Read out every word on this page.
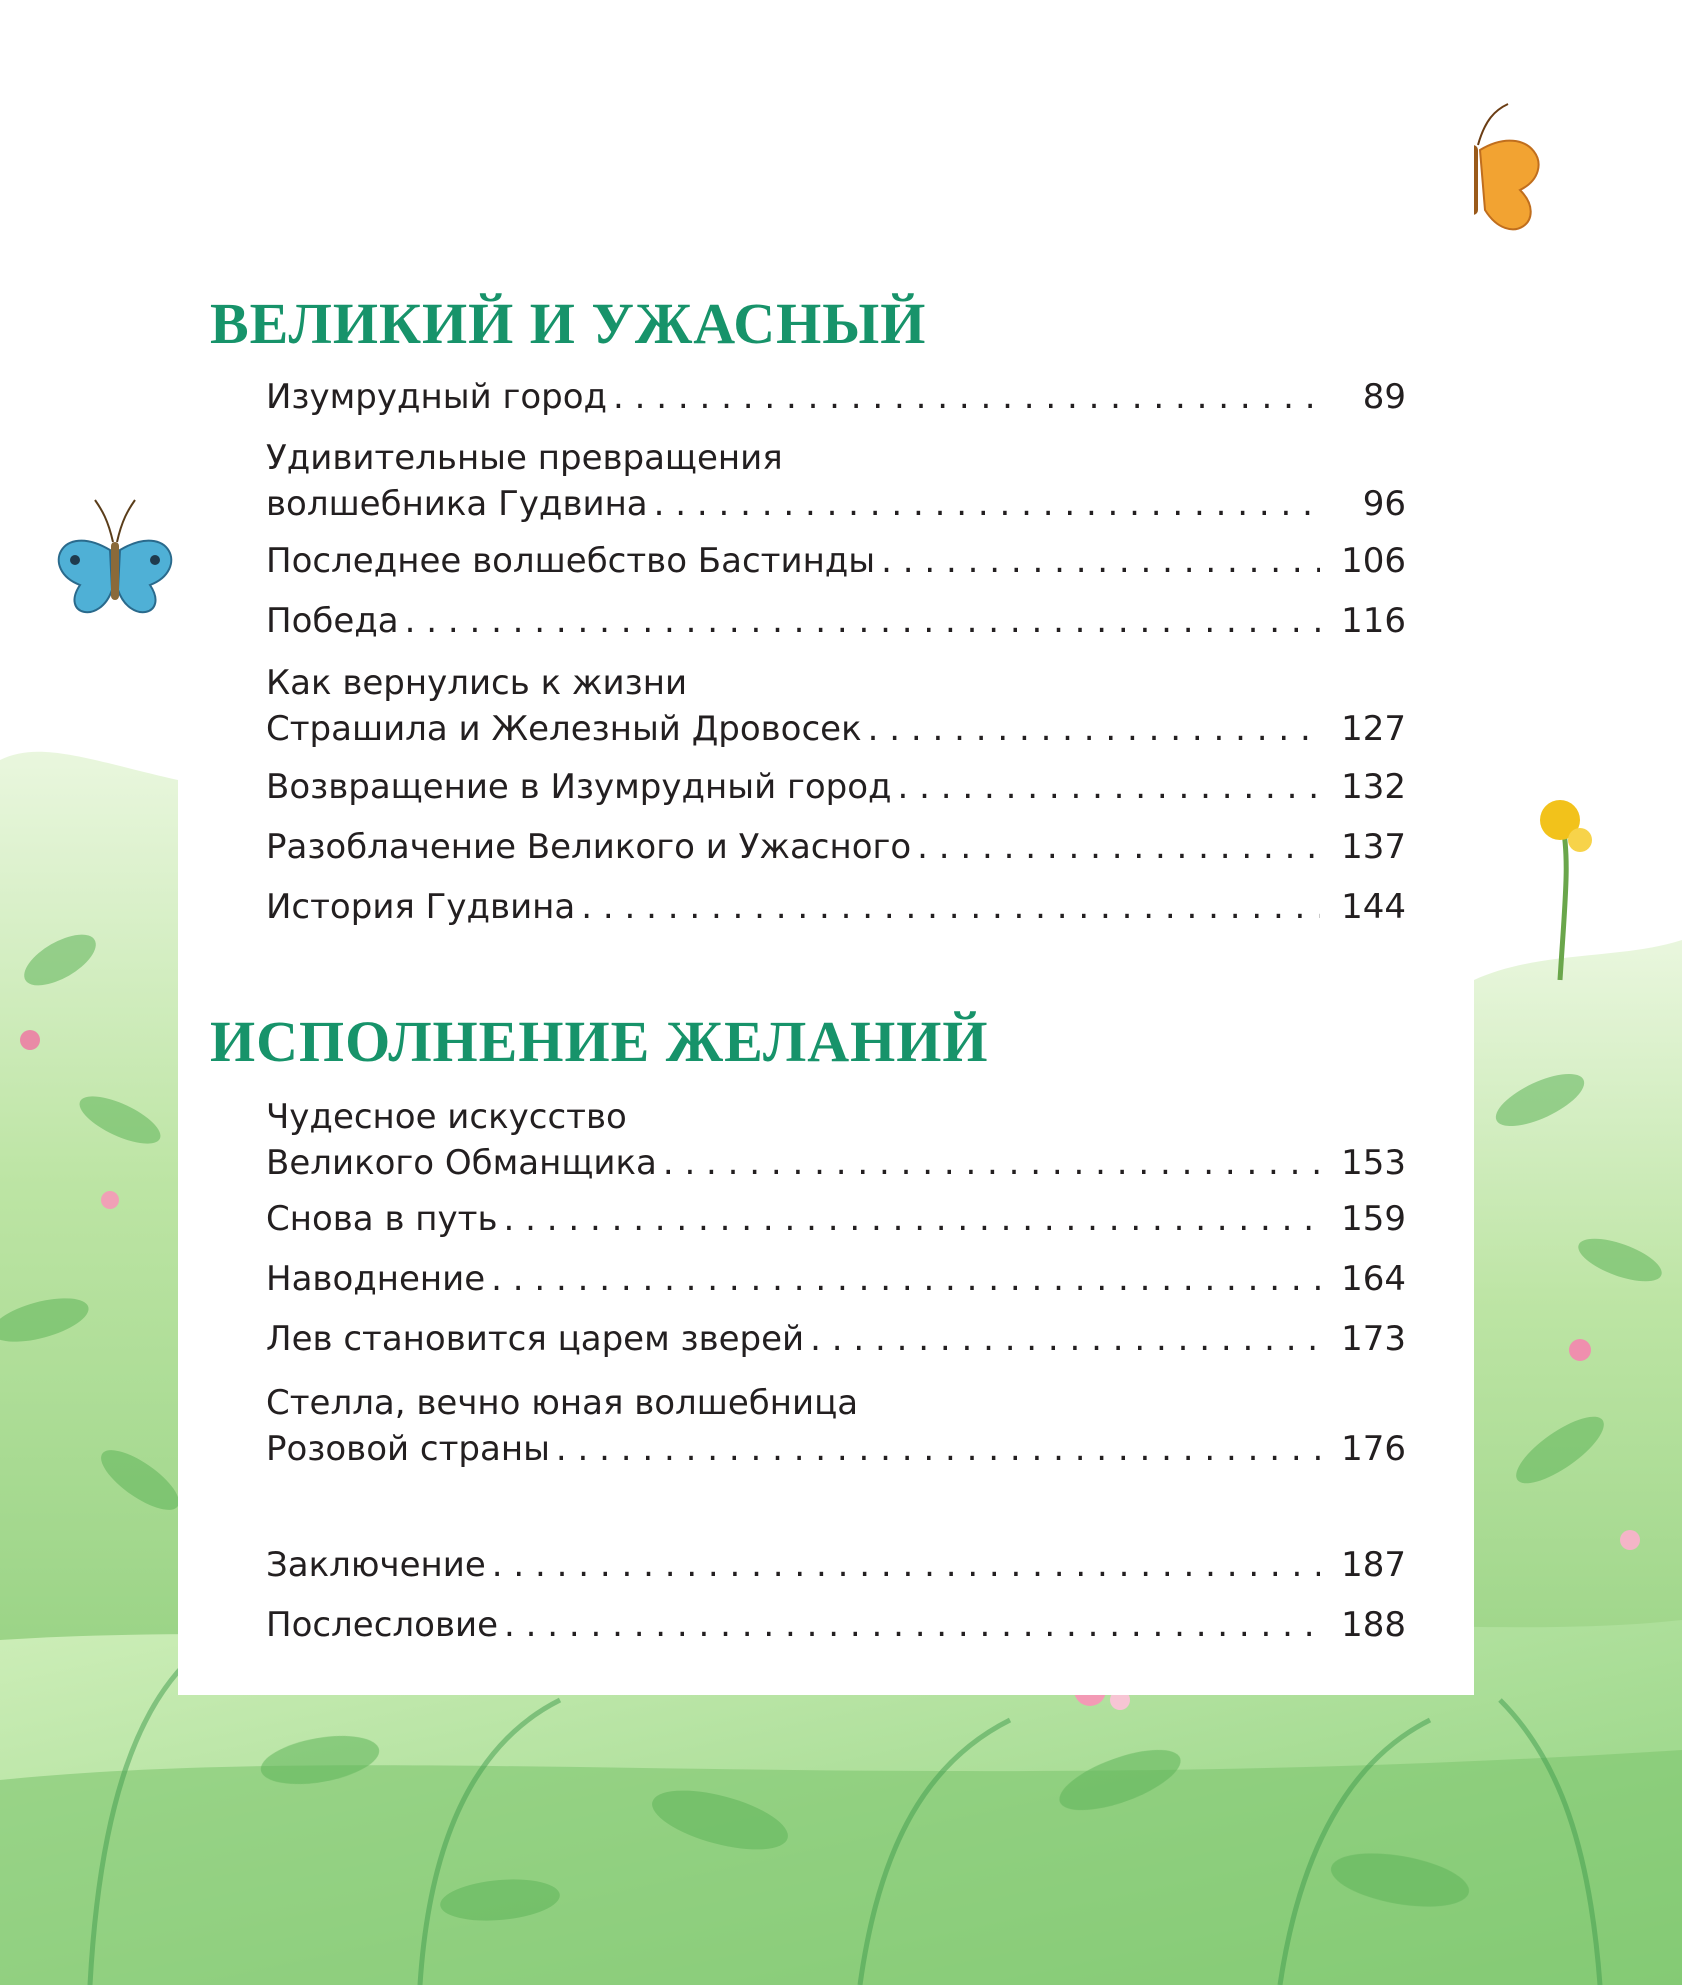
ВЕЛИКИЙ И УЖАСНЫЙ
Изумрудный город . . .	89
Удивительные превращения
волшебника Гудвина . . .	96
Последнее волшебство Бастинды . . .	106
Победа . . .	116
Как вернулись к жизни
Страшила и Железный Дровосек . . .	127
Возвращение в Изумрудный город . . .	132
Разоблачение Великого и Ужасного . . .	137
История Гудвина . . .	144
ИСПОЛНЕНИЕ ЖЕЛАНИЙ
Чудесное искусство
Великого Обманщика . . .	153
Снова в путь . . .	159
Наводнение . . .	164
Лев становится царем зверей . . .	173
Стелла, вечно юная волшебница
Розовой страны . . .	176
Заключение . . .	187
Послесловие . . .	188
